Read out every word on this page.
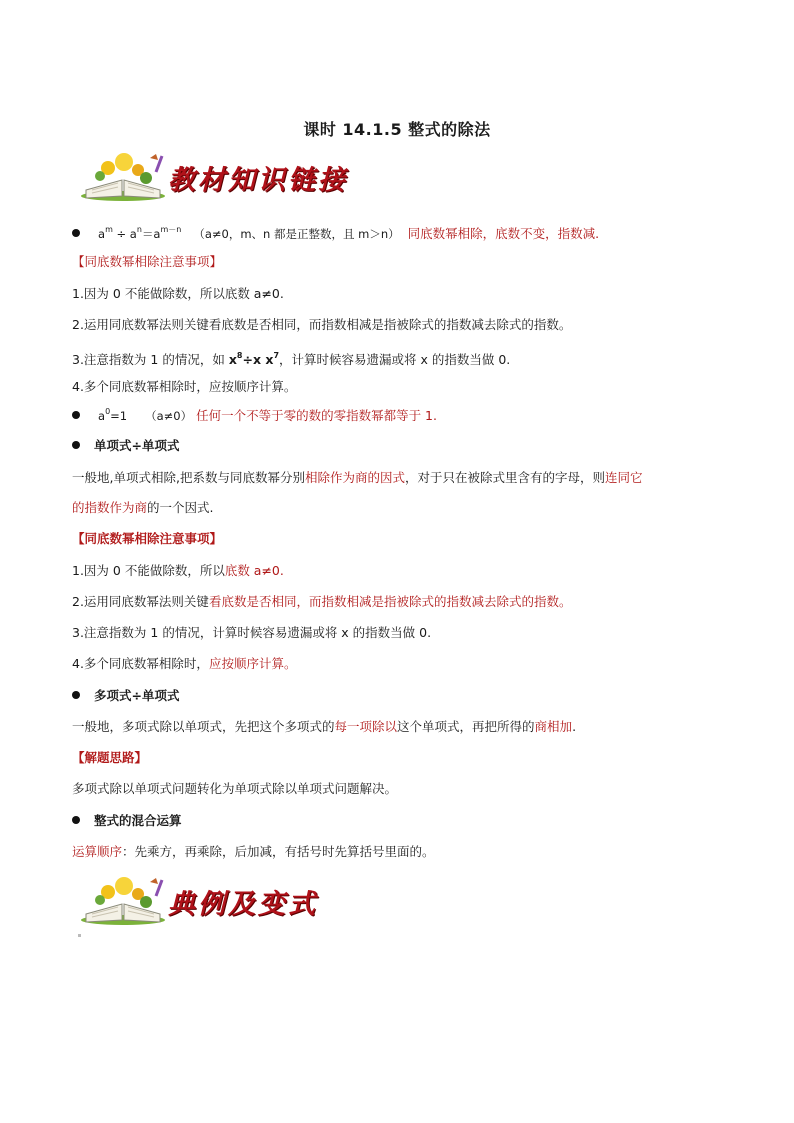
课时 14.1.5 整式的除法
教材知识链接
$a^m \div a^n=a^{m-n}$ （a≠0，m、n 都是正整数，且 m＞n） 同底数幂相除，底数不变，指数减.
【同底数幂相除注意事项】
1.因为 0 不能做除数，所以底数 a≠0.
2.运用同底数幂法则关键看底数是否相同，而指数相减是指被除式的指数减去除式的指数。
3.注意指数为 1 的情况，如 $x^8\div x$ $x^7$，计算时候容易遗漏或将 x 的指数当做 0.
4.多个同底数幂相除时，应按顺序计算。
$a^0=1$ （a≠0） 任何一个不等于零的数的零指数幂都等于 1.
单项式÷单项式
一般地,单项式相除,把系数与同底数幂分别相除作为商的因式，对于只在被除式里含有的字母，则连同它
的指数作为商的一个因式.
【同底数幂相除注意事项】
1.因为 0 不能做除数，所以底数 a≠0.
2.运用同底数幂法则关键看底数是否相同，而指数相减是指被除式的指数减去除式的指数。
3.注意指数为 1 的情况，计算时候容易遗漏或将 x 的指数当做 0.
4.多个同底数幂相除时，应按顺序计算。
多项式÷单项式
一般地，多项式除以单项式，先把这个多项式的每一项除以这个单项式，再把所得的商相加.
【解题思路】
多项式除以单项式问题转化为单项式除以单项式问题解决。
整式的混合运算
运算顺序：先乘方，再乘除，后加减，有括号时先算括号里面的。
典例及变式
